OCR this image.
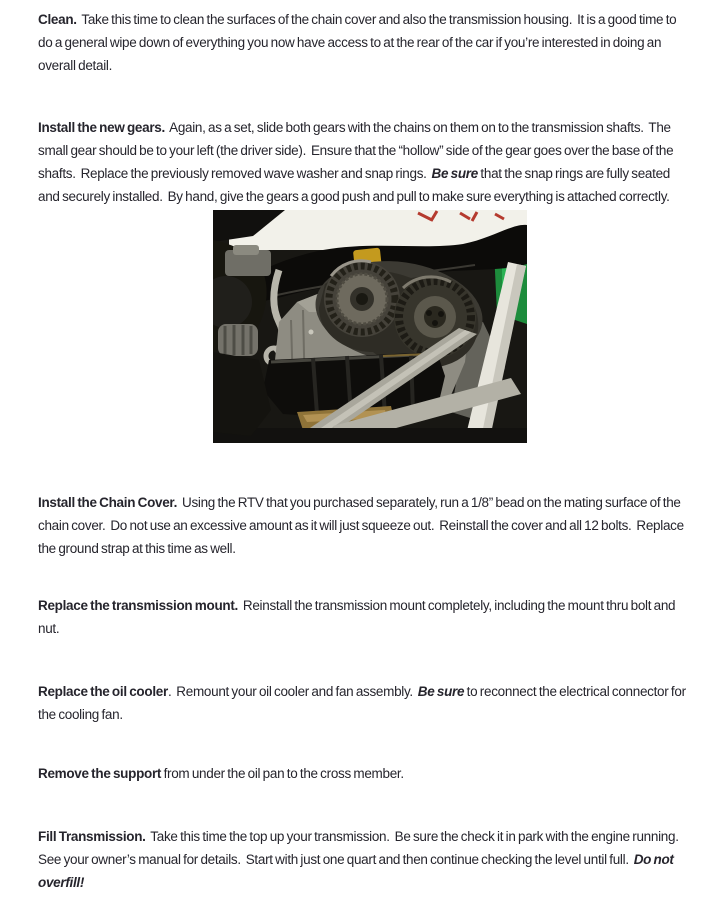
Clean.  Take this time to clean the surfaces of the chain cover and also the transmission housing.  It is a good time to do a general wipe down of everything you now have access to at the rear of the car if you’re interested in doing an overall detail.

Install the new gears.  Again, as a set, slide both gears with the chains on them on to the transmission shafts.  The small gear should be to your left (the driver side).  Ensure that the “hollow” side of the gear goes over the base of the shafts.  Replace the previously removed wave washer and snap rings.  Be sure that the snap rings are fully seated and securely installed.  By hand, give the gears a good push and pull to make sure everything is attached correctly.

Install the Chain Cover.  Using the RTV that you purchased separately, run a 1/8” bead on the mating surface of the chain cover.  Do not use an excessive amount as it will just squeeze out.  Reinstall the cover and all 12 bolts.  Replace the ground strap at this time as well.

Replace the transmission mount.  Reinstall the transmission mount completely, including the mount thru bolt and nut.

Replace the oil cooler.  Remount your oil cooler and fan assembly.  Be sure to reconnect the electrical connector for the cooling fan.

Remove the support from under the oil pan to the cross member.

Fill Transmission.  Take this time the top up your transmission.  Be sure the check it in park with the engine running.  See your owner’s manual for details.  Start with just one quart and then continue checking the level until full.  Do not overfill!
